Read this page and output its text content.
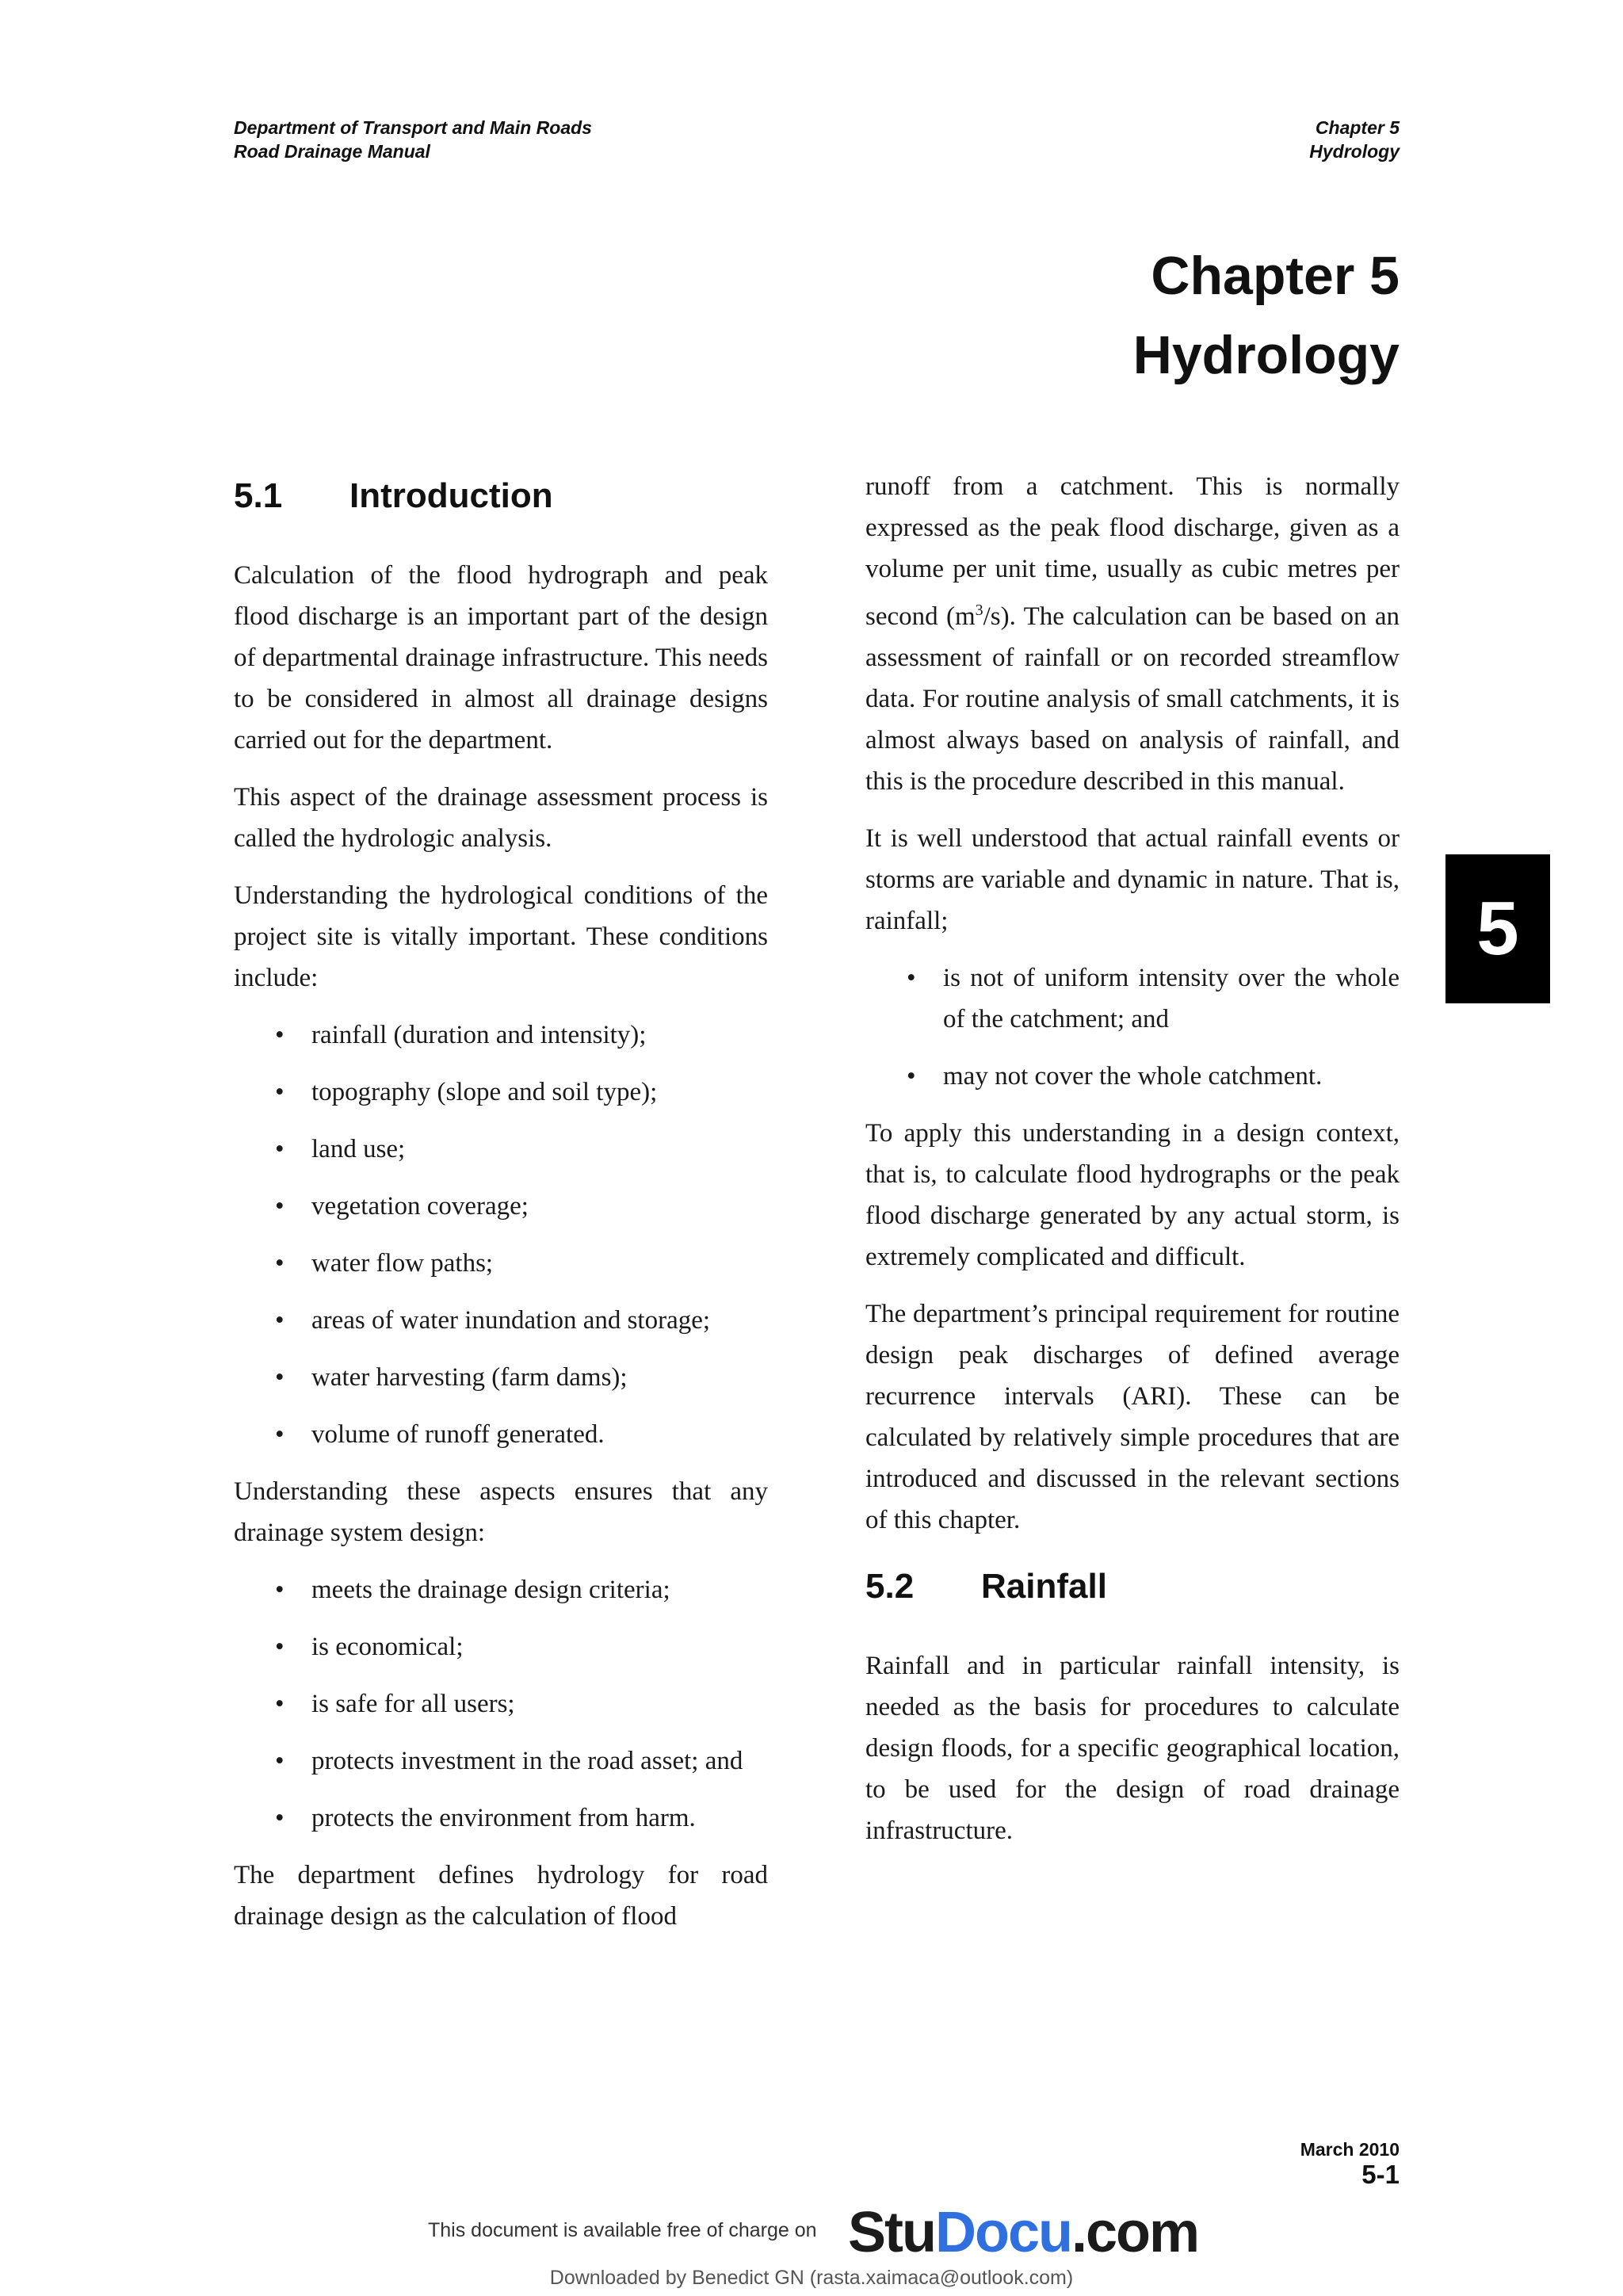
Department of Transport and Main Roads
Road Drainage Manual
Chapter 5
Hydrology
Chapter 5
Hydrology
5
5.1 Introduction

Calculation of the flood hydrograph and peak flood discharge is an important part of the design of departmental drainage infrastructure. This needs to be considered in almost all drainage designs carried out for the department.

This aspect of the drainage assessment process is called the hydrologic analysis.

Understanding the hydrological conditions of the project site is vitally important. These conditions include:

• rainfall (duration and intensity);
• topography (slope and soil type);
• land use;
• vegetation coverage;
• water flow paths;
• areas of water inundation and storage;
• water harvesting (farm dams);
• volume of runoff generated.

Understanding these aspects ensures that any drainage system design:

• meets the drainage design criteria;
• is economical;
• is safe for all users;
• protects investment in the road asset; and
• protects the environment from harm.

The department defines hydrology for road drainage design as the calculation of flood

runoff from a catchment. This is normally expressed as the peak flood discharge, given as a volume per unit time, usually as cubic metres per second $(m^3/s)$. The calculation can be based on an assessment of rainfall or on recorded streamflow data. For routine analysis of small catchments, it is almost always based on analysis of rainfall, and this is the procedure described in this manual.

It is well understood that actual rainfall events or storms are variable and dynamic in nature. That is, rainfall;

• is not of uniform intensity over the whole of the catchment; and
• may not cover the whole catchment.

To apply this understanding in a design context, that is, to calculate flood hydrographs or the peak flood discharge generated by any actual storm, is extremely complicated and difficult.

The department’s principal requirement for routine design peak discharges of defined average recurrence intervals (ARI). These can be calculated by relatively simple procedures that are introduced and discussed in the relevant sections of this chapter.

5.2 Rainfall

Rainfall and in particular rainfall intensity, is needed as the basis for procedures to calculate design floods, for a specific geographical location, to be used for the design of road drainage infrastructure.

March 2010
5-1
This document is available free of charge on StuDocu.com
Downloaded by Benedict GN (rasta.xaimaca@outlook.com)
